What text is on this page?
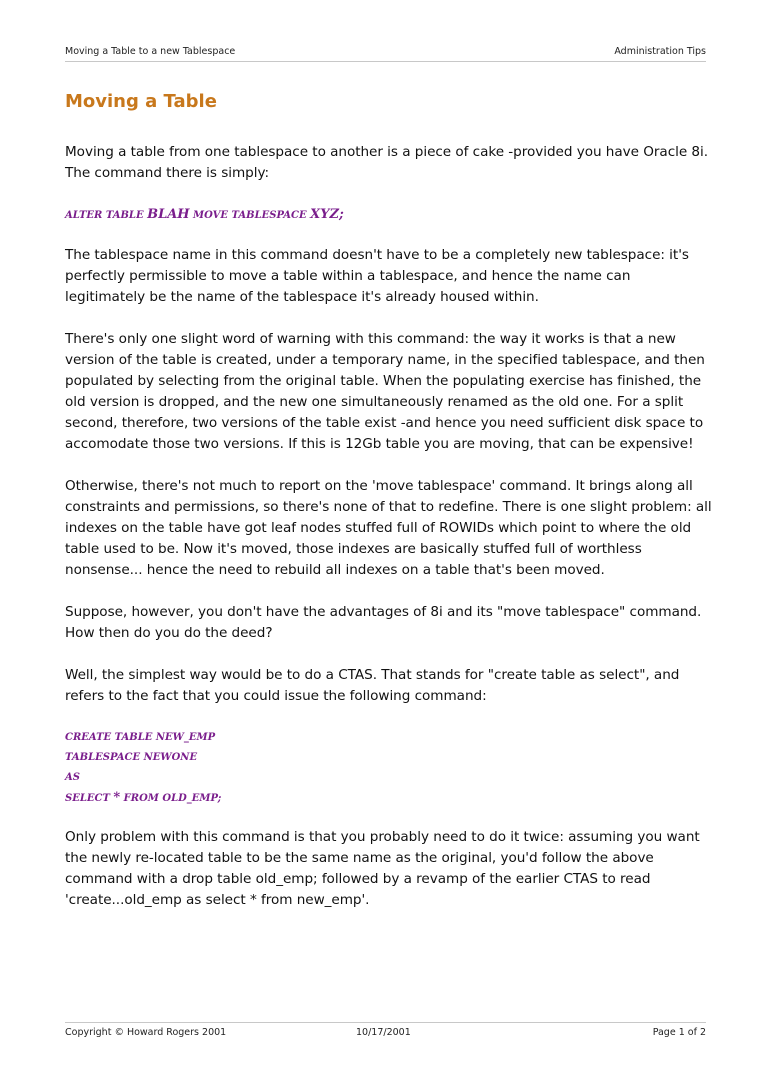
Moving a Table to a new Tablespace	Administration Tips
Moving a Table

Moving a table from one tablespace to another is a piece of cake -provided you have Oracle 8i. The command there is simply:

ALTER TABLE BLAH MOVE TABLESPACE XYZ;

The tablespace name in this command doesn't have to be a completely new tablespace: it's perfectly permissible to move a table within a tablespace, and hence the name can legitimately be the name of the tablespace it's already housed within.

There's only one slight word of warning with this command: the way it works is that a new version of the table is created, under a temporary name, in the specified tablespace, and then populated by selecting from the original table. When the populating exercise has finished, the old version is dropped, and the new one simultaneously renamed as the old one. For a split second, therefore, two versions of the table exist -and hence you need sufficient disk space to accomodate those two versions. If this is 12Gb table you are moving, that can be expensive!

Otherwise, there's not much to report on the 'move tablespace' command. It brings along all constraints and permissions, so there's none of that to redefine. There is one slight problem: all indexes on the table have got leaf nodes stuffed full of ROWIDs which point to where the old table used to be. Now it's moved, those indexes are basically stuffed full of worthless nonsense... hence the need to rebuild all indexes on a table that's been moved.

Suppose, however, you don't have the advantages of 8i and its "move tablespace" command. How then do you do the deed?

Well, the simplest way would be to do a CTAS. That stands for "create table as select", and refers to the fact that you could issue the following command:

CREATE TABLE NEW_EMP
TABLESPACE NEWONE
AS
SELECT * FROM OLD_EMP;

Only problem with this command is that you probably need to do it twice: assuming you want the newly re-located table to be the same name as the original, you'd follow the above command with a drop table old_emp; followed by a revamp of the earlier CTAS to read 'create...old_emp as select * from new_emp'.

Copyright © Howard Rogers 2001	10/17/2001	Page 1 of 2
